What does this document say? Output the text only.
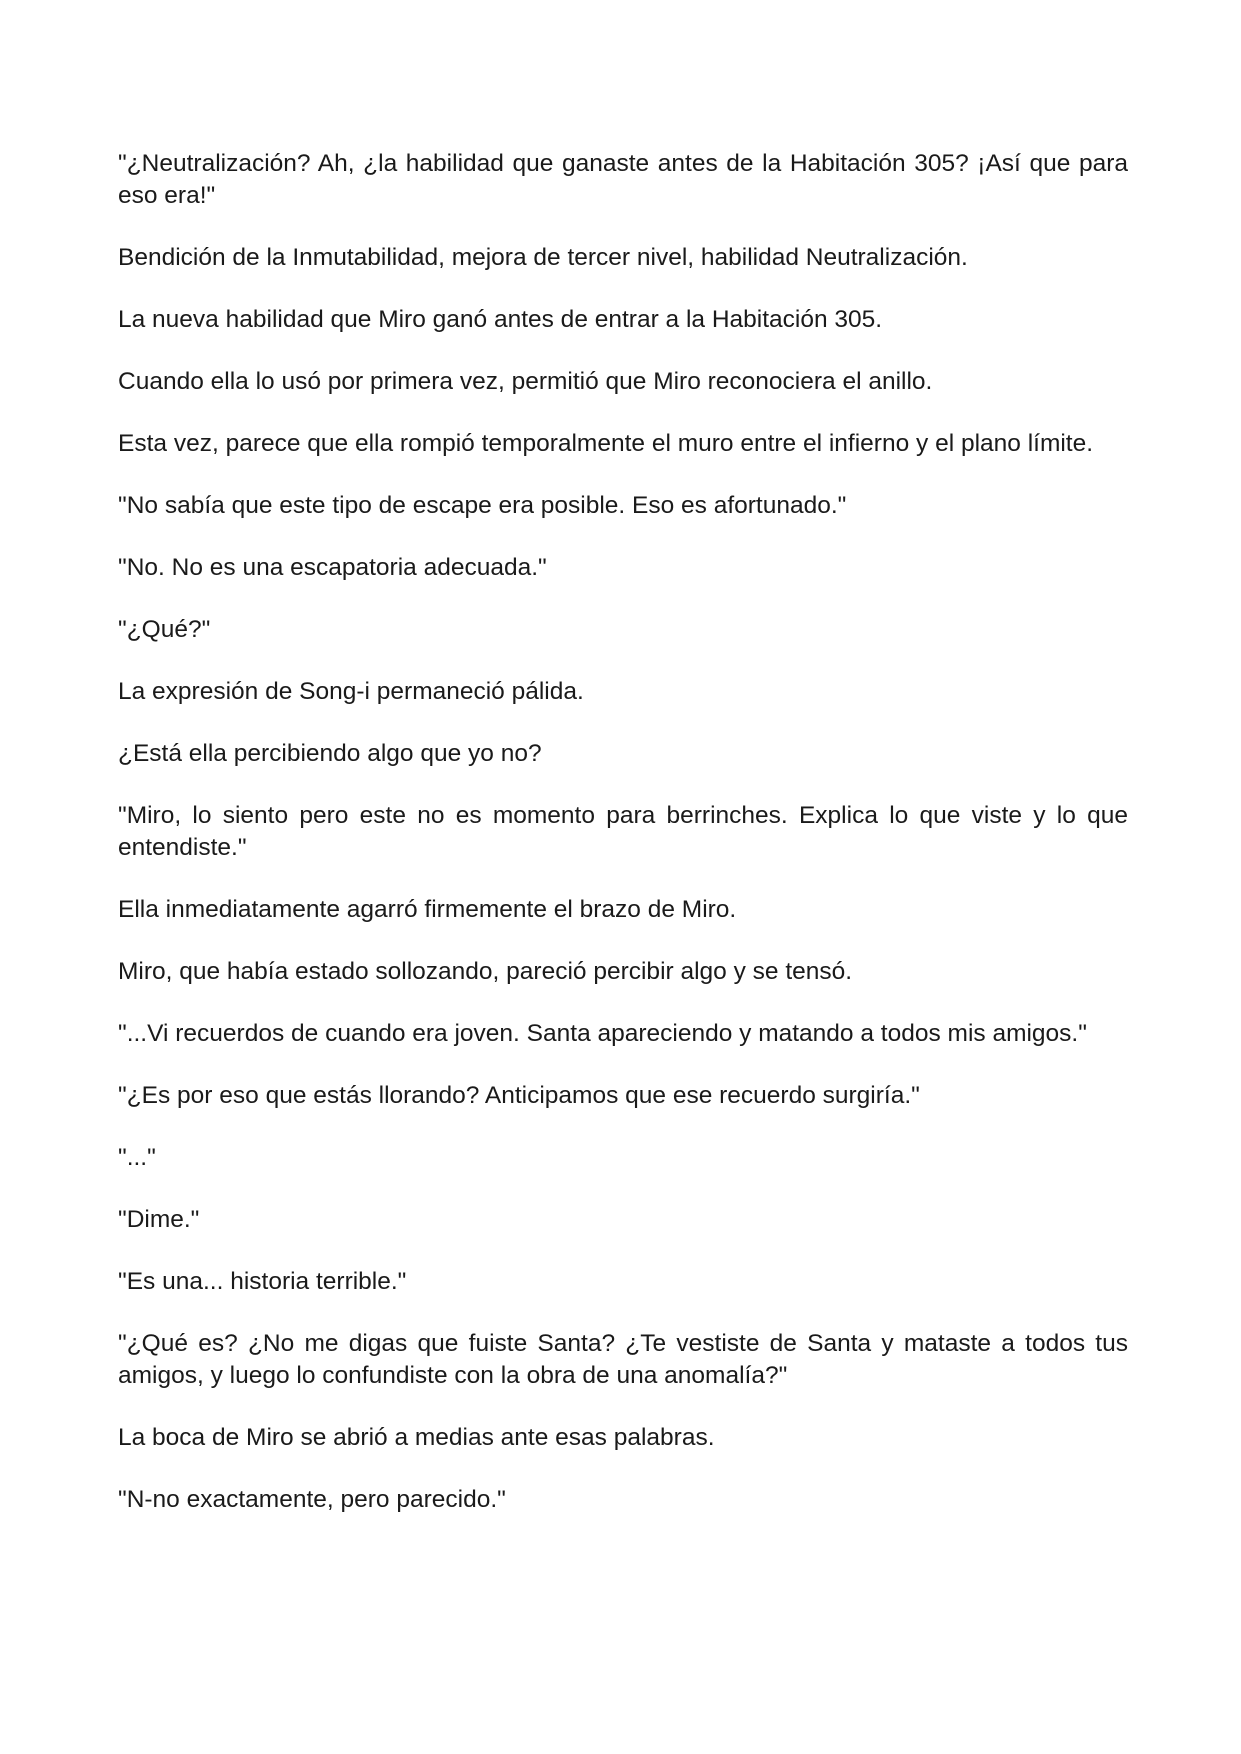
"¿Neutralización? Ah, ¿la habilidad que ganaste antes de la Habitación 305? ¡Así que para eso era!"

Bendición de la Inmutabilidad, mejora de tercer nivel, habilidad Neutralización.

La nueva habilidad que Miro ganó antes de entrar a la Habitación 305.

Cuando ella lo usó por primera vez, permitió que Miro reconociera el anillo.

Esta vez, parece que ella rompió temporalmente el muro entre el infierno y el plano límite.

"No sabía que este tipo de escape era posible. Eso es afortunado."

"No. No es una escapatoria adecuada."

"¿Qué?"

La expresión de Song-i permaneció pálida.

¿Está ella percibiendo algo que yo no?

"Miro, lo siento pero este no es momento para berrinches. Explica lo que viste y lo que entendiste."

Ella inmediatamente agarró firmemente el brazo de Miro.

Miro, que había estado sollozando, pareció percibir algo y se tensó.

"...Vi recuerdos de cuando era joven. Santa apareciendo y matando a todos mis amigos."

"¿Es por eso que estás llorando? Anticipamos que ese recuerdo surgiría."

"..."

"Dime."

"Es una... historia terrible."

"¿Qué es? ¿No me digas que fuiste Santa? ¿Te vestiste de Santa y mataste a todos tus amigos, y luego lo confundiste con la obra de una anomalía?"

La boca de Miro se abrió a medias ante esas palabras.

"N-no exactamente, pero parecido."
